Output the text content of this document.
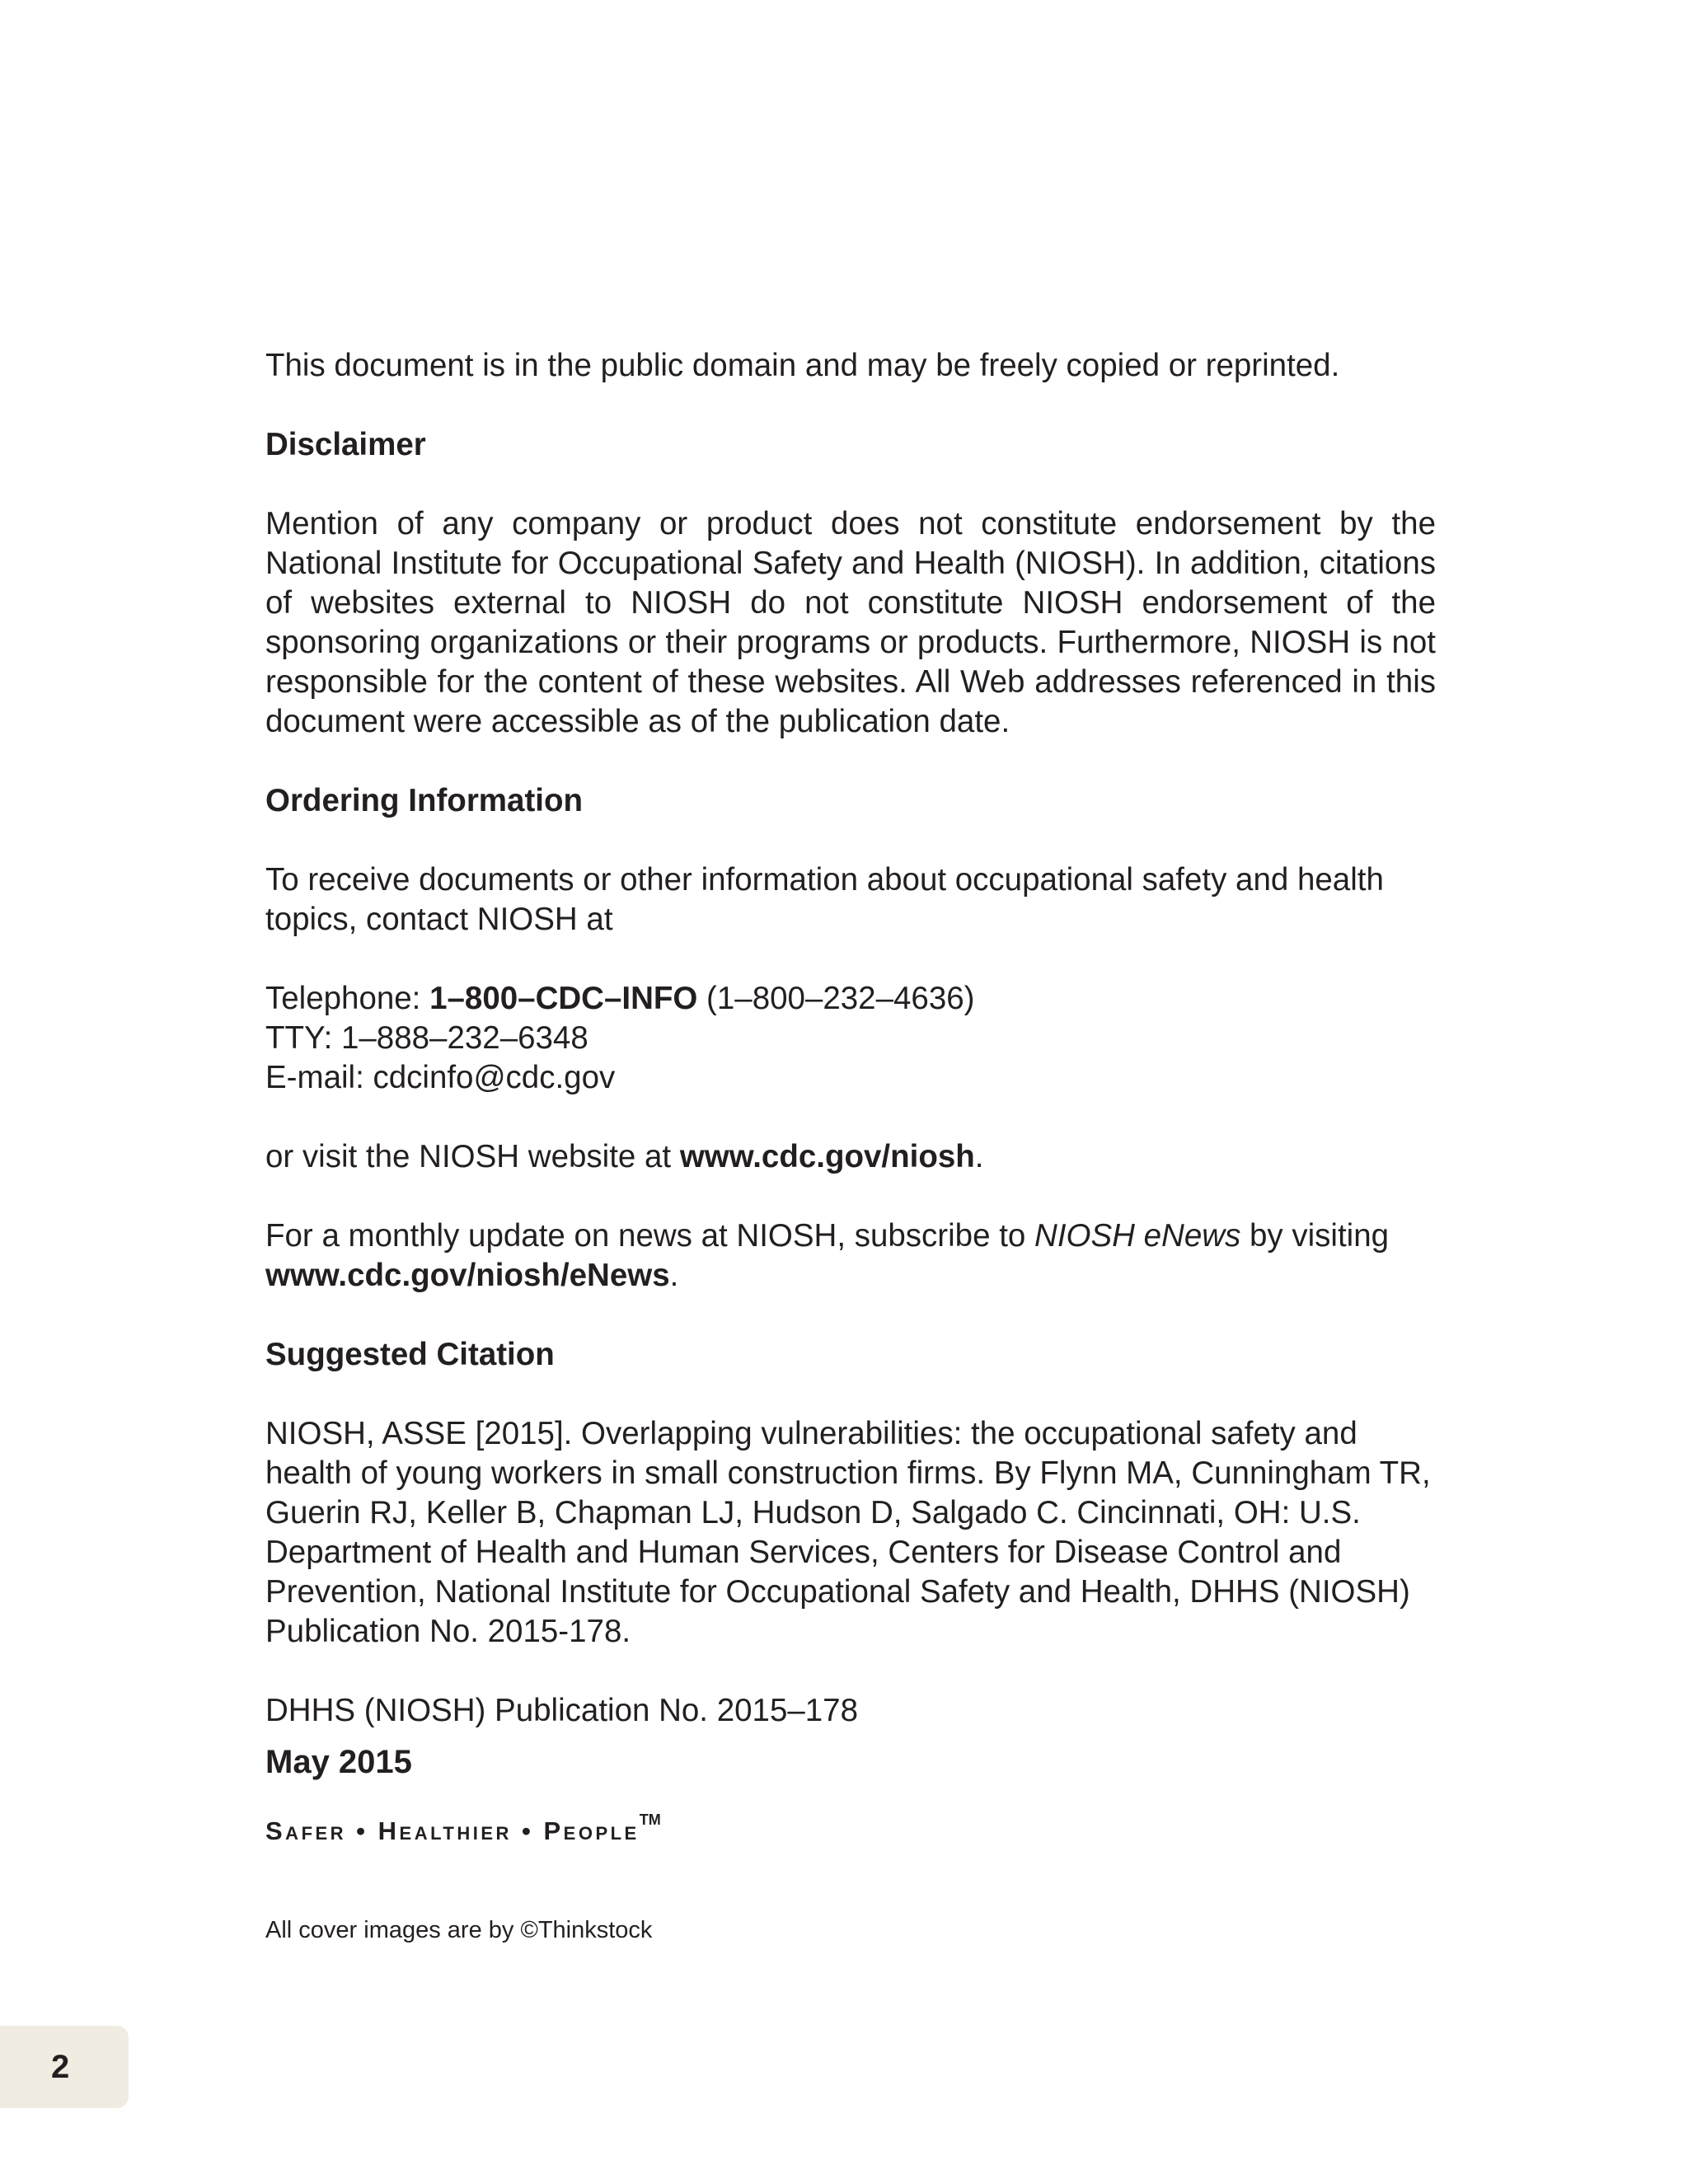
This document is in the public domain and may be freely copied or reprinted.

Disclaimer

Mention of any company or product does not constitute endorsement by the National Institute for Occupational Safety and Health (NIOSH). In addition, citations of websites external to NIOSH do not constitute NIOSH endorsement of the sponsoring organizations or their programs or products. Furthermore, NIOSH is not responsible for the content of these websites. All Web addresses referenced in this document were accessible as of the publication date.

Ordering Information

To receive documents or other information about occupational safety and health topics, contact NIOSH at

Telephone: 1–800–CDC–INFO (1–800–232–4636)

TTY: 1–888–232–6348

E-mail: cdcinfo@cdc.gov

or visit the NIOSH website at www.cdc.gov/niosh.

For a monthly update on news at NIOSH, subscribe to NIOSH eNews by visiting
www.cdc.gov/niosh/eNews.

Suggested Citation

NIOSH, ASSE [2015]. Overlapping vulnerabilities: the occupational safety and health of young workers in small construction firms. By Flynn MA, Cunningham TR, Guerin RJ, Keller B, Chapman LJ, Hudson D, Salgado C. Cincinnati, OH: U.S. Department of Health and Human Services, Centers for Disease Control and Prevention, National Institute for Occupational Safety and Health, DHHS (NIOSH) Publication No. 2015-178.

DHHS (NIOSH) Publication No. 2015–178

May 2015

Safer • Healthier • People™

All cover images are by ©Thinkstock
2
